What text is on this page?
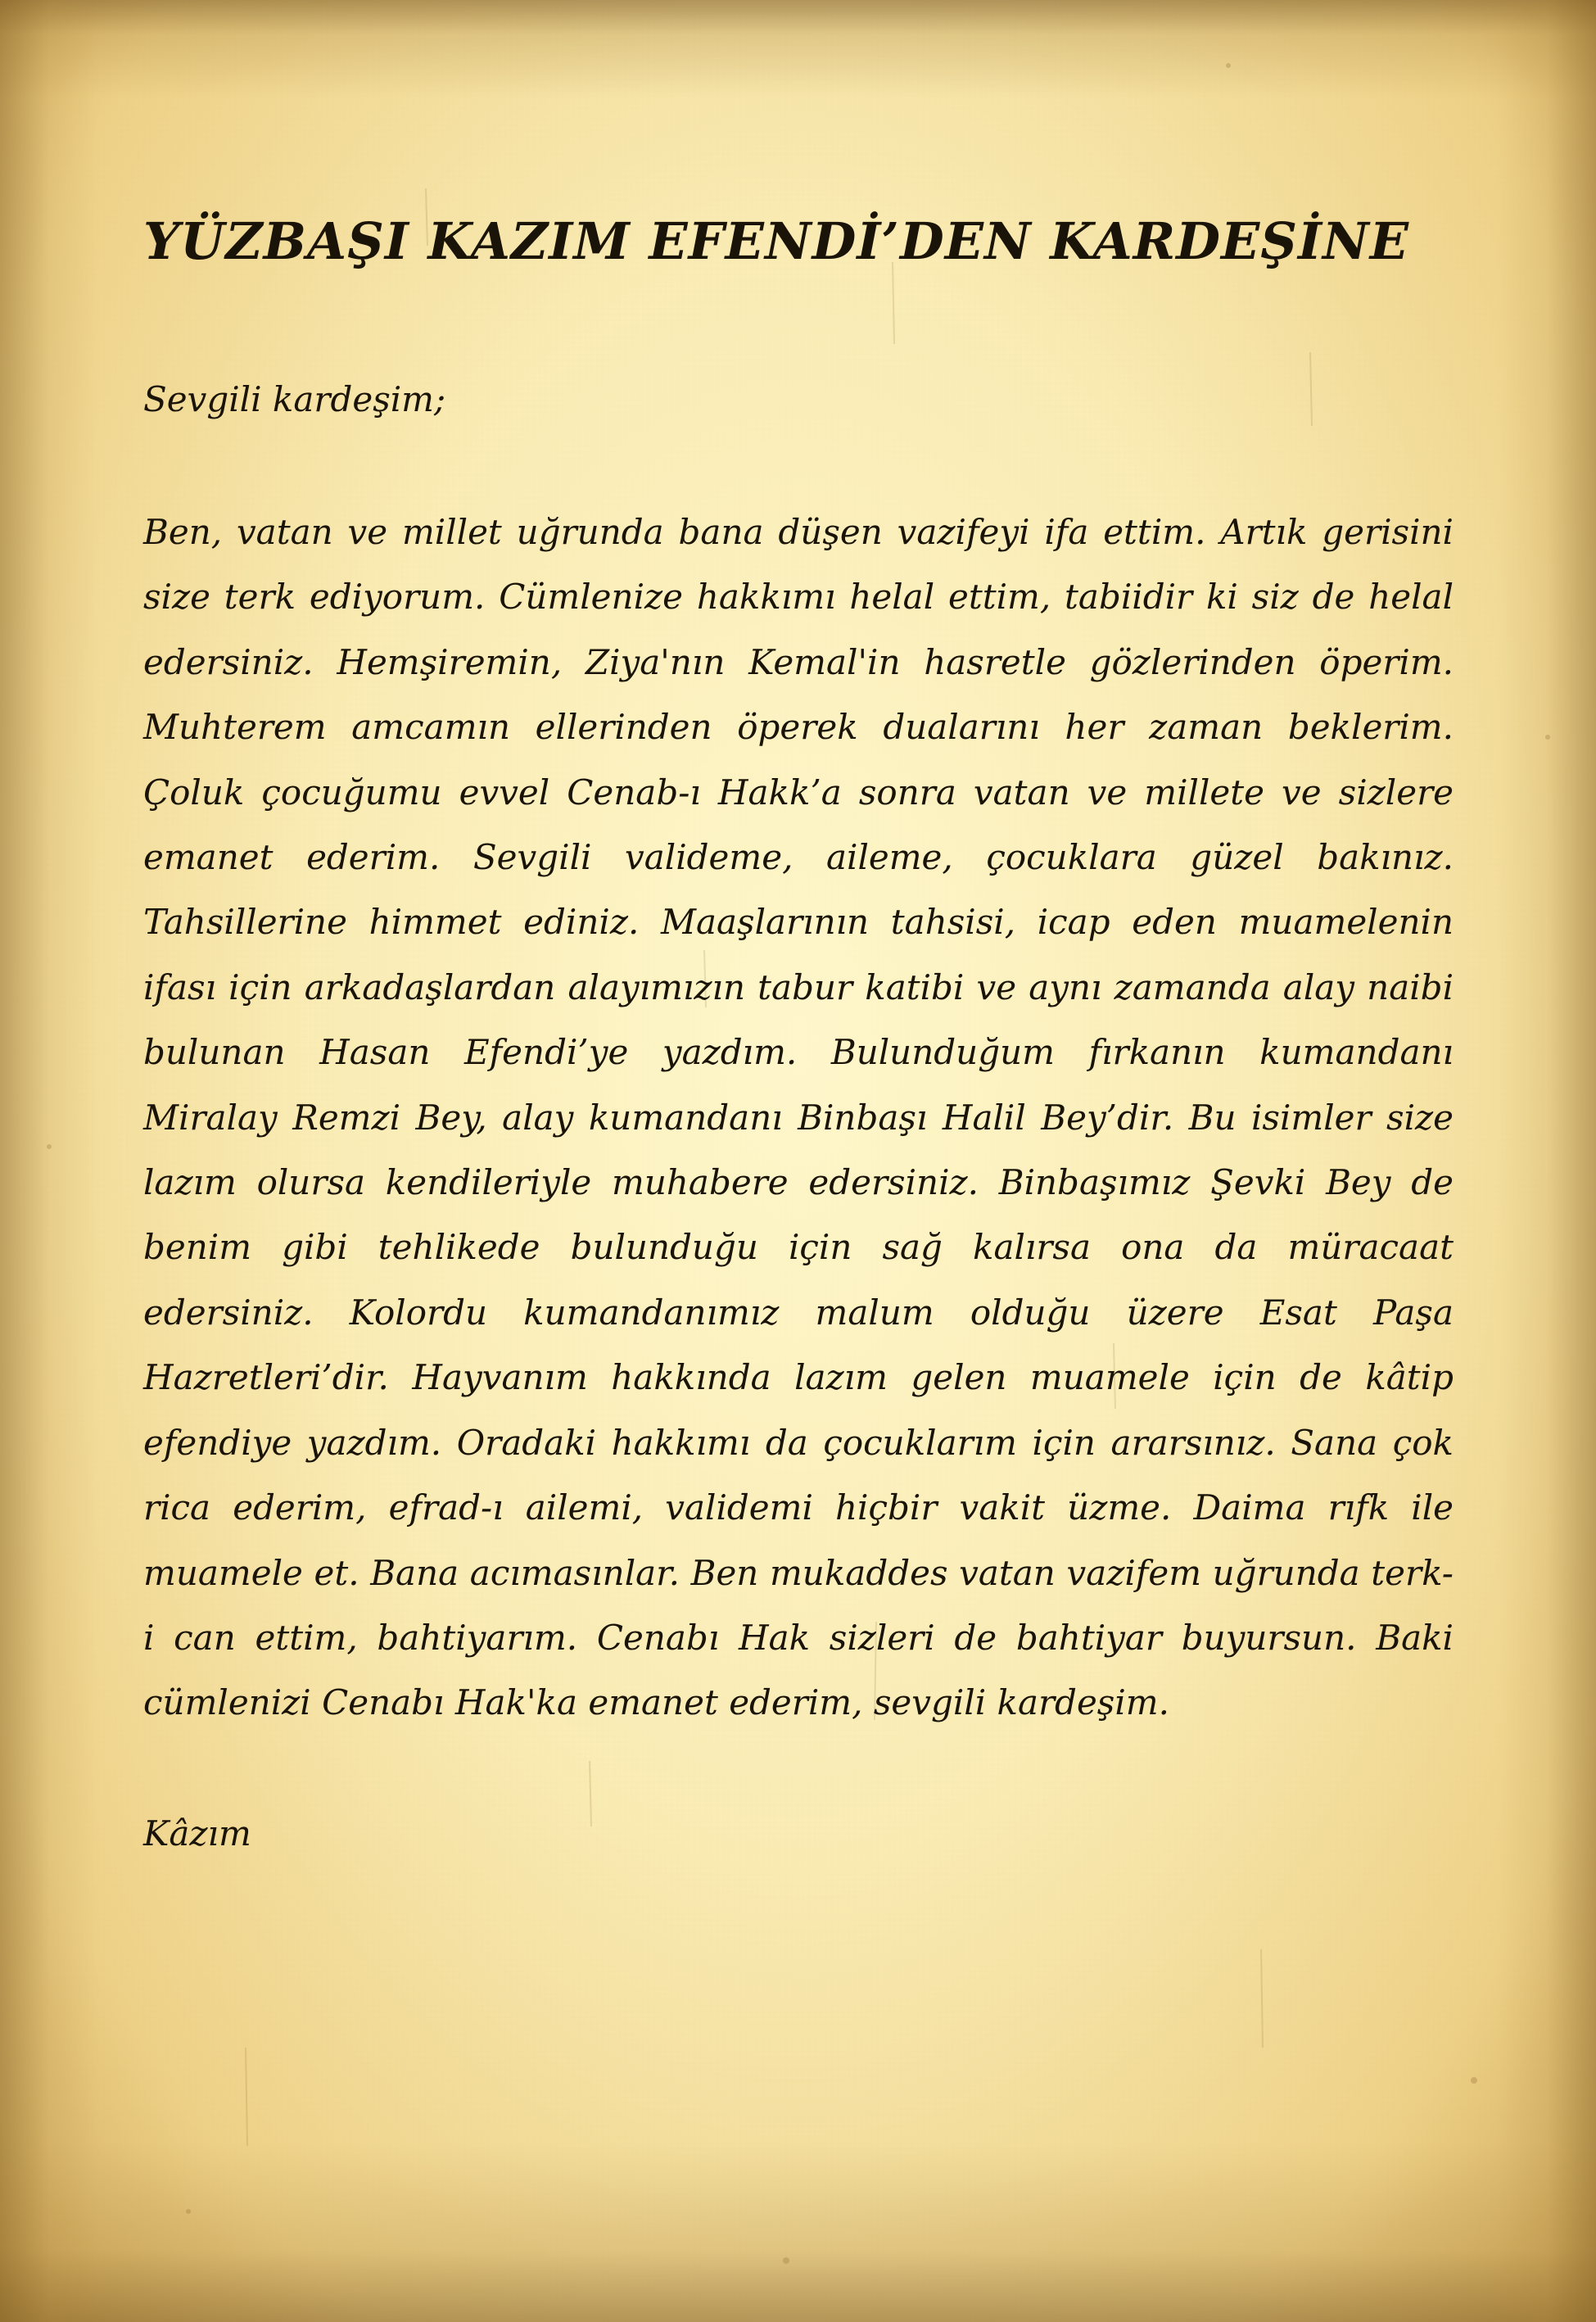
YÜZBAŞI KAZIM EFENDİ’DEN KARDEŞİNE

Sevgili kardeşim;

Ben, vatan ve millet uğrunda bana düşen vazifeyi ifa ettim. Artık gerisini size terk ediyorum. Cümlenize hakkımı helal ettim, tabiidir ki siz de helal edersiniz. Hemşiremin, Ziya'nın Kemal'in hasretle gözlerinden öperim. Muhterem amcamın ellerinden öperek dualarını her zaman beklerim. Çoluk çocuğumu evvel Cenab-ı Hakk’a sonra vatan ve millete ve sizlere emanet ederim. Sevgili valideme, aileme, çocuklara güzel bakınız. Tahsillerine himmet ediniz. Maaşlarının tahsisi, icap eden muamelenin ifası için arkadaşlardan alayımızın tabur katibi ve aynı zamanda alay naibi bulunan Hasan Efendi’ye yazdım. Bulunduğum fırkanın kumandanı Miralay Remzi Bey, alay kumandanı Binbaşı Halil Bey’dir. Bu isimler size lazım olursa kendileriyle muhabere edersiniz. Binbaşımız Şevki Bey de benim gibi tehlikede bulunduğu için sağ kalırsa ona da müracaat edersiniz. Kolordu kumandanımız malum olduğu üzere Esat Paşa Hazretleri’dir. Hayvanım hakkında lazım gelen muamele için de kâtip efendiye yazdım. Oradaki hakkımı da çocuklarım için ararsınız. Sana çok rica ederim, efrad-ı ailemi, validemi hiçbir vakit üzme. Daima rıfk ile muamele et. Bana acımasınlar. Ben mukaddes vatan vazifem uğrunda terk-i can ettim, bahtiyarım. Cenabı Hak sizleri de bahtiyar buyursun. Baki cümlenizi Cenabı Hak'ka emanet ederim, sevgili kardeşim.

Kâzım
